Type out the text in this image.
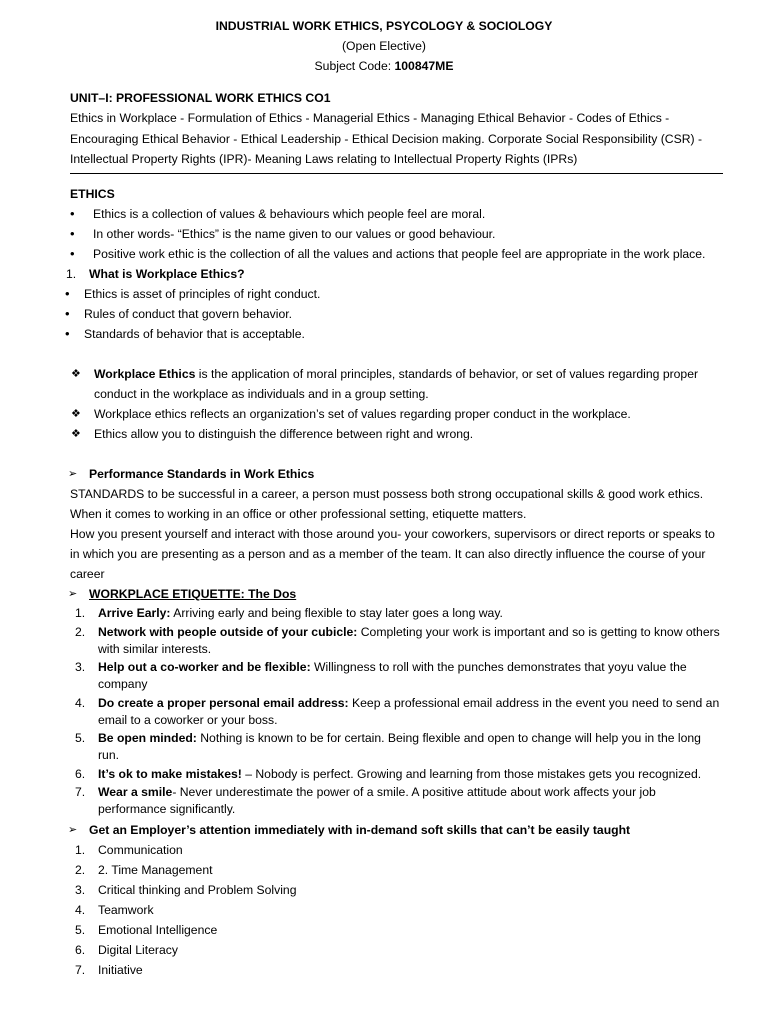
INDUSTRIAL WORK ETHICS, PSYCOLOGY & SOCIOLOGY
(Open Elective)
Subject Code: 100847ME
UNIT–I: PROFESSIONAL WORK ETHICS CO1
Ethics in Workplace - Formulation of Ethics - Managerial Ethics - Managing Ethical Behavior - Codes of Ethics - Encouraging Ethical Behavior - Ethical Leadership - Ethical Decision making. Corporate Social Responsibility (CSR) - Intellectual Property Rights (IPR)- Meaning Laws relating to Intellectual Property Rights (IPRs)
ETHICS
• Ethics is a collection of values & behaviours which people feel are moral.
• In other words- “Ethics” is the name given to our values or good behaviour.
• Positive work ethic is the collection of all the values and actions that people feel are appropriate in the work place.
1. What is Workplace Ethics?
• Ethics is asset of principles of right conduct.
• Rules of conduct that govern behavior.
• Standards of behavior that is acceptable.
❖ Workplace Ethics is the application of moral principles, standards of behavior, or set of values regarding proper conduct in the workplace as individuals and in a group setting.
❖ Workplace ethics reflects an organization’s set of values regarding proper conduct in the workplace.
❖ Ethics allow you to distinguish the difference between right and wrong.
➢ Performance Standards in Work Ethics
STANDARDS to be successful in a career, a person must possess both strong occupational skills & good work ethics. When it comes to working in an office or other professional setting, etiquette matters.
How you present yourself and interact with those around you- your coworkers, supervisors or direct reports or speaks to in which you are presenting as a person and as a member of the team. It can also directly influence the course of your career
➢ WORKPLACE ETIQUETTE: The Dos
1. Arrive Early: Arriving early and being flexible to stay later goes a long way.
2. Network with people outside of your cubicle: Completing your work is important and so is getting to know others with similar interests.
3. Help out a co-worker and be flexible: Willingness to roll with the punches demonstrates that yoyu value the company
4. Do create a proper personal email address: Keep a professional email address in the event you need to send an email to a coworker or your boss.
5. Be open minded: Nothing is known to be for certain. Being flexible and open to change will help you in the long run.
6. It’s ok to make mistakes! – Nobody is perfect. Growing and learning from those mistakes gets you recognized.
7. Wear a smile- Never underestimate the power of a smile. A positive attitude about work affects your job performance significantly.
➢ Get an Employer’s attention immediately with in-demand soft skills that can’t be easily taught
1. Communication
2. 2. Time Management
3. Critical thinking and Problem Solving
4. Teamwork
5. Emotional Intelligence
6. Digital Literacy
7. Initiative
